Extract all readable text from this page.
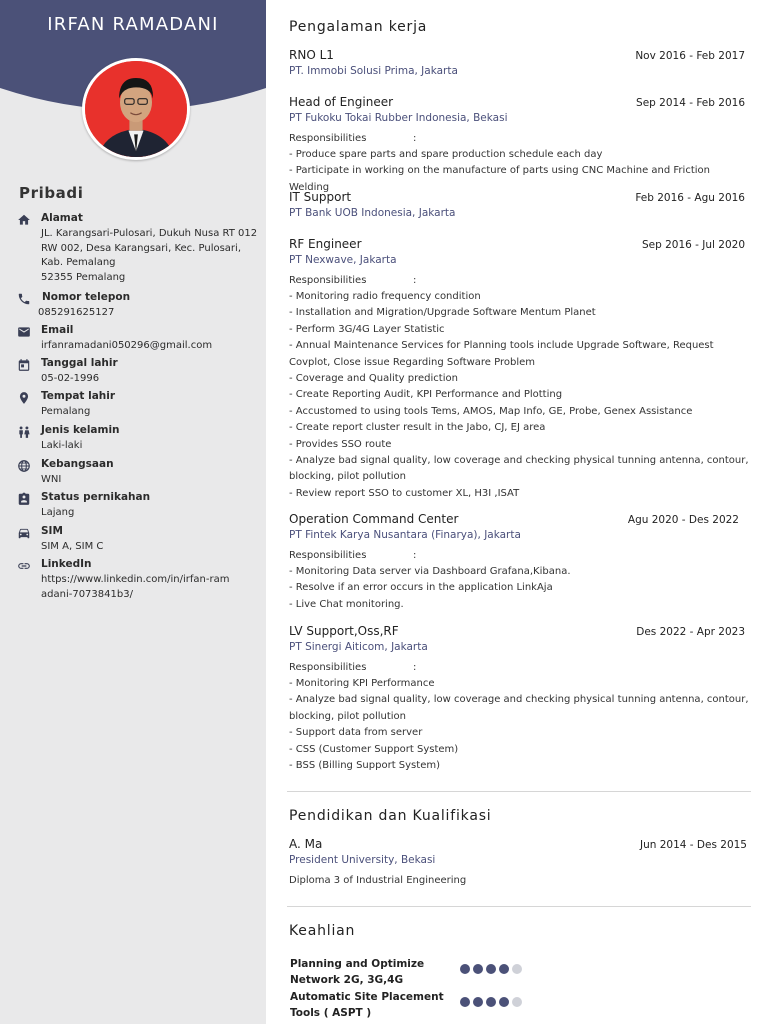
IRFAN RAMADANI
Pribadi
Alamat
JL. Karangsari-Pulosari, Dukuh Nusa RT 012 RW 002, Desa Karangsari, Kec. Pulosari, Kab. Pemalang
52355 Pemalang
Nomor telepon
085291625127
Email
irfanramadani050296@gmail.com
Tanggal lahir
05-02-1996
Tempat lahir
Pemalang
Jenis kelamin
Laki-laki
Kebangsaan
WNI
Status pernikahan
Lajang
SIM
SIM A, SIM C
LinkedIn
https://www.linkedin.com/in/irfan-ramadani-7073841b3/
Pengalaman kerja
RNO L1	Nov 2016 - Feb 2017
PT. Immobi Solusi Prima, Jakarta
Head of Engineer	Sep 2014 - Feb 2016
PT Fukoku Tokai Rubber Indonesia, Bekasi
Responsibilities	:
- Produce spare parts and spare production schedule each day
- Participate in working on the manufacture of parts using CNC Machine and Friction Welding
IT Support	Feb 2016 - Agu 2016
PT Bank UOB Indonesia, Jakarta
RF Engineer	Sep 2016 - Jul 2020
PT Nexwave, Jakarta
Responsibilities	:
- Monitoring radio frequency condition
- Installation and Migration/Upgrade Software Mentum Planet
- Perform 3G/4G Layer Statistic
- Annual Maintenance Services for Planning tools include Upgrade Software, Request Covplot, Close issue Regarding Software Problem
- Coverage and Quality prediction
- Create Reporting Audit, KPI Performance and Plotting
- Accustomed to using tools Tems, AMOS, Map Info, GE, Probe, Genex Assistance
- Create report cluster result in the Jabo, CJ, EJ area
- Provides SSO route
- Analyze bad signal quality, low coverage and checking physical tunning antenna, contour, blocking, pilot pollution
- Review report SSO to customer XL, H3I ,ISAT
Operation Command Center	Agu 2020 - Des 2022
PT Fintek Karya Nusantara (Finarya), Jakarta
Responsibilities	:
- Monitoring Data server via Dashboard Grafana,Kibana.
- Resolve if an error occurs in the application LinkAja
- Live Chat monitoring.
LV Support,Oss,RF	Des 2022 - Apr 2023
PT Sinergi Aiticom, Jakarta
Responsibilities	:
- Monitoring KPI Performance
- Analyze bad signal quality, low coverage and checking physical tunning antenna, contour, blocking, pilot pollution
- Support data from server
- CSS (Customer Support System)
- BSS (Billing Support System)
Pendidikan dan Kualifikasi
A. Ma	Jun 2014 - Des 2015
President University, Bekasi
Diploma 3 of Industrial Engineering
Keahlian
Planning and Optimize Network 2G, 3G,4G
Automatic Site Placement Tools ( ASPT )
